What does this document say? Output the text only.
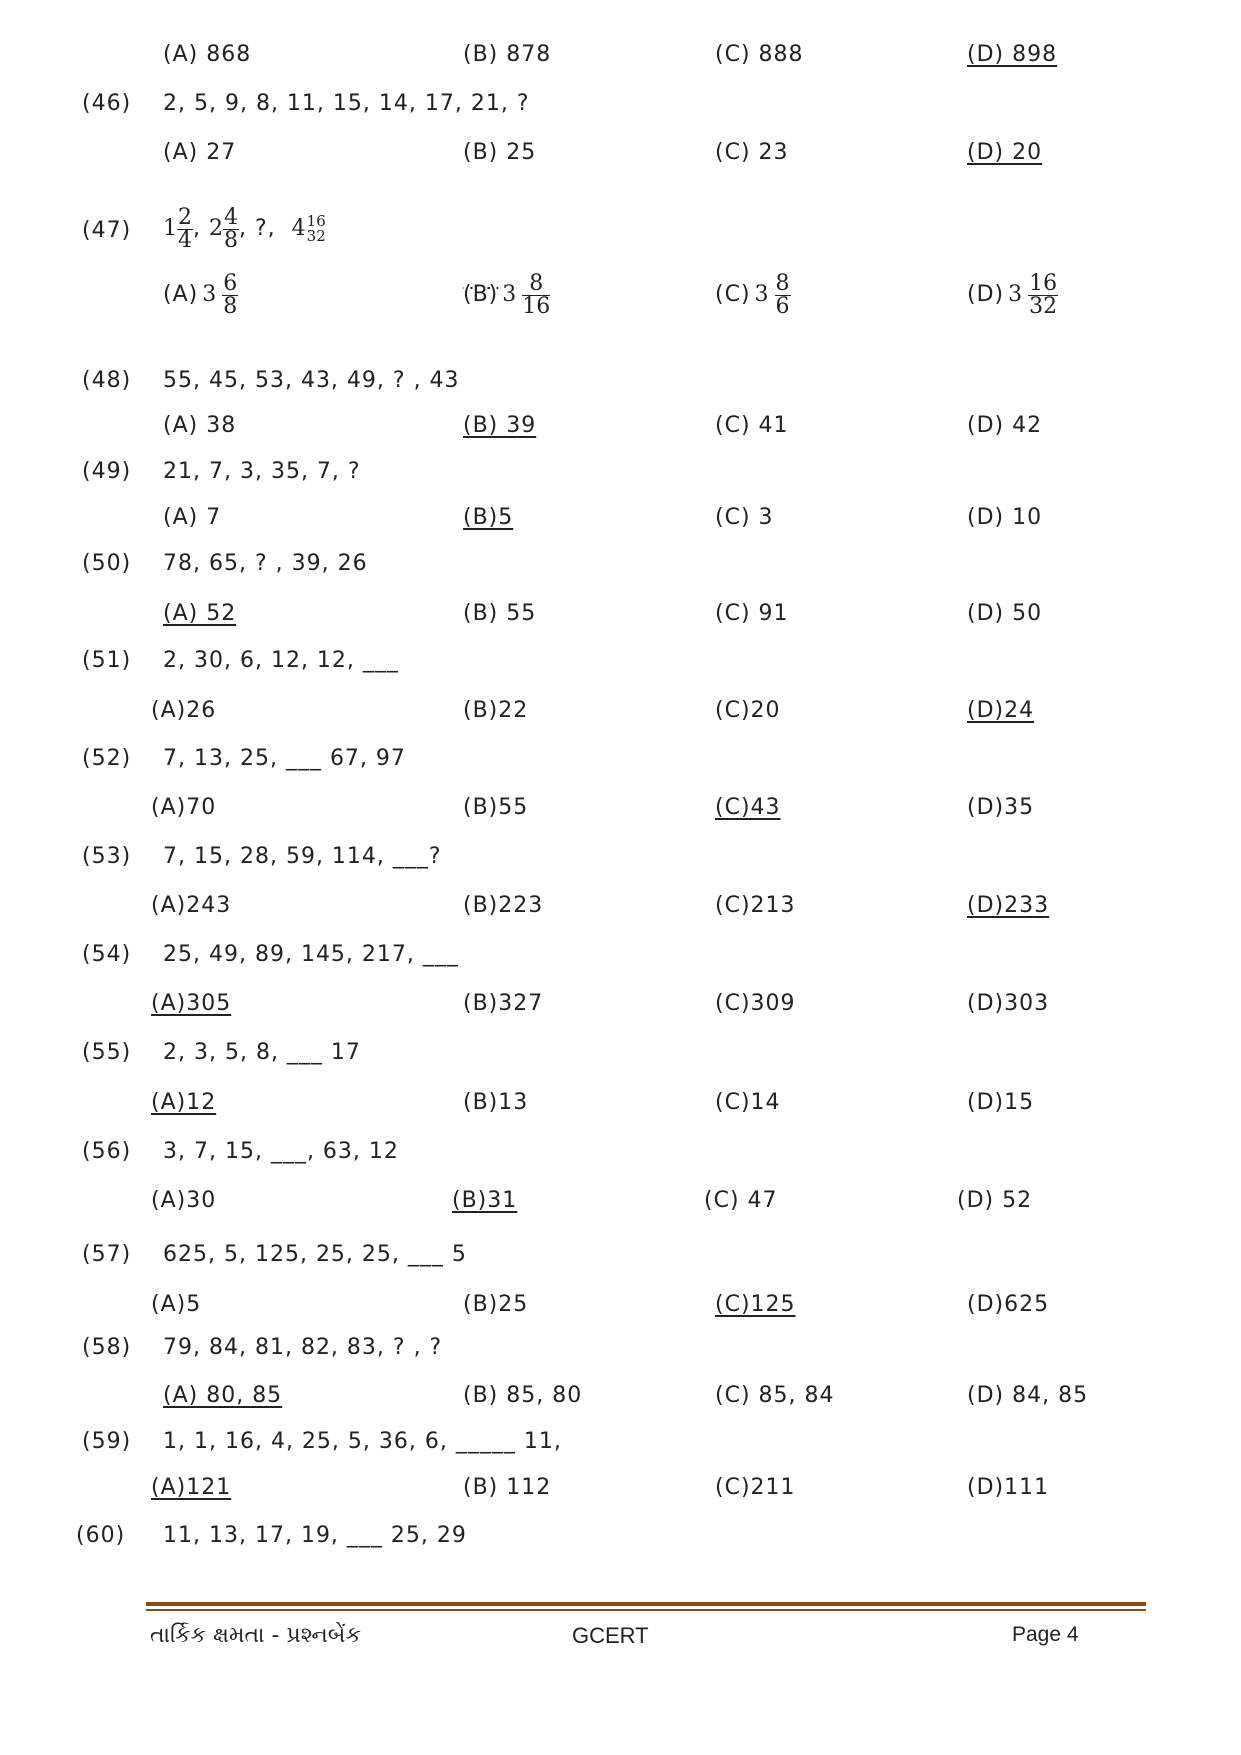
(A) 868	(B) 878	(C) 888	(D) 898
(46) 2, 5, 9, 8, 11, 15, 14, 17, 21, ?
(A) 27	(B) 25	(C) 23	(D) 20
(48) 55, 45, 53, 43, 49, ? , 43
(A) 38	(B) 39	(C) 41	(D) 42
(49) 21, 7, 3, 35, 7, ?
(A) 7	(B)5	(C) 3	(D) 10
(50) 78, 65, ? , 39, 26
(A) 52	(B) 55	(C) 91	(D) 50
(51) 2, 30, 6, 12, 12, ___
(A)26	(B)22	(C)20	(D)24
(52) 7, 13, 25, ___ 67, 97
(A)70	(B)55	(C)43	(D)35
(53) 7, 15, 28, 59, 114, ___?
(A)243	(B)223	(C)213	(D)233
(54) 25, 49, 89, 145, 217, ___
(A)305	(B)327	(C)309	(D)303
(55) 2, 3, 5, 8, ___ 17
(A)12	(B)13	(C)14	(D)15
(56) 3, 7, 15, ___, 63, 12
(A)30	(B)31	(C) 47	(D) 52
(57) 625, 5, 125, 25, 25, ___ 5
(A)5	(B)25	(C)125	(D)625
(58) 79, 84, 81, 82, 83, ? , ?
(A) 80, 85	(B) 85, 80	(C) 85, 84	(D) 84, 85
(59) 1, 1, 16, 4, 25, 5, 36, 6, _____ 11,
(A)121	(B) 112	(C)211	(D)111
(60) 11, 13, 17, 19, ___ 25, 29
(47) $1 \frac{2}{4}$ , $2 \frac{4}{8}$ , ?,  4 16
32
(A) $3 \frac{6}{8}$	(B) $3 \frac{8}{16}$	(C) $3 \frac{8}{6}$	(D) $3 \frac{16}{32}$
તાર્કિક ક્ષમતા - પ્રશ્નબેંક	GCERT	Page 4
